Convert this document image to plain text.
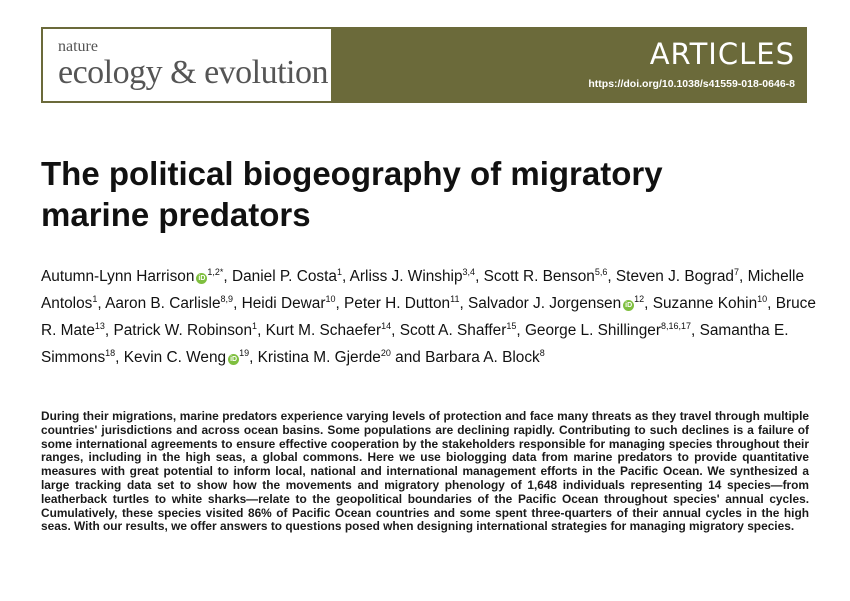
nature
ecology & evolution	ARTICLES
https://doi.org/10.1038/s41559-018-0646-8
The political biogeography of migratory marine predators

Autumn-Lynn Harrison $iD^{1,2*}$, Daniel P. Costa$^1$, Arliss J. Winship$^{3,4}$, Scott R. Benson$^{5,6}$, Steven J. Bograd$^7$, Michelle Antolos$^1$, Aaron B. Carlisle$^{8,9}$, Heidi Dewar$^{10}$, Peter H. Dutton$^{11}$, Salvador J. Jorgensen $iD^{12}$, Suzanne Kohin$^{10}$, Bruce R. Mate$^{13}$, Patrick W. Robinson$^1$, Kurt M. Schaefer$^{14}$, Scott A. Shaffer$^{15}$, George L. Shillinger$^{8,16,17}$, Samantha E. Simmons$^{18}$, Kevin C. Weng $iD^{19}$, Kristina M. Gjerde$^{20}$ and Barbara A. Block$^8$

During their migrations, marine predators experience varying levels of protection and face many threats as they travel through multiple countries' jurisdictions and across ocean basins. Some populations are declining rapidly. Contributing to such declines is a failure of some international agreements to ensure effective cooperation by the stakeholders responsible for managing species throughout their ranges, including in the high seas, a global commons. Here we use biologging data from marine predators to provide quantitative measures with great potential to inform local, national and international management efforts in the Pacific Ocean. We synthesized a large tracking data set to show how the movements and migratory phenology of 1,648 individuals representing 14 species—from leatherback turtles to white sharks—relate to the geopolitical boundaries of the Pacific Ocean throughout species' annual cycles. Cumulatively, these species visited 86% of Pacific Ocean countries and some spent three-quarters of their annual cycles in the high seas. With our results, we offer answers to questions posed when designing international strategies for managing migratory species.
